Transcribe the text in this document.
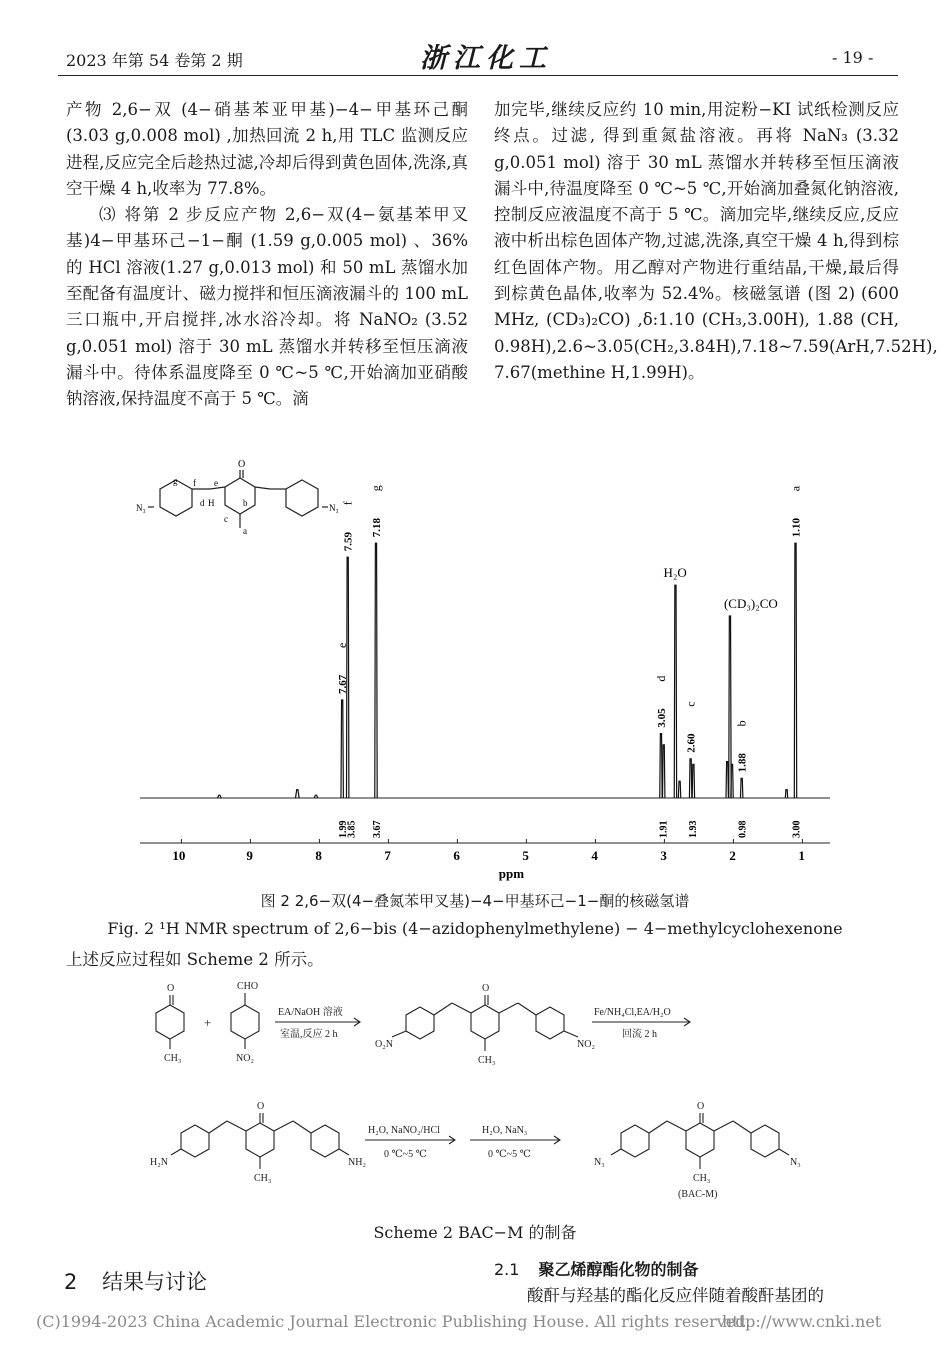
2023 年第 54 卷第 2 期	浙江化工	- 19 -

产物 2,6−双 (4−硝基苯亚甲基)−4−甲基环己酮 (3.03 g,0.008 mol) ,加热回流 2 h,用 TLC 监测反应进程,反应完全后趁热过滤,冷却后得到黄色固体,洗涤,真空干燥 4 h,收率为 77.8%。

⑶ 将第 2 步反应产物 2,6−双(4−氨基苯甲叉基)4−甲基环己−1−酮 (1.59 g,0.005 mol) 、36%的 HCl 溶液(1.27 g,0.013 mol) 和 50 mL 蒸馏水加至配备有温度计、磁力搅拌和恒压滴液漏斗的 100 mL 三口瓶中,开启搅拌,冰水浴冷却。将 NaNO₂ (3.52 g,0.051 mol) 溶于 30 mL 蒸馏水并转移至恒压滴液漏斗中。待体系温度降至 0 ℃~5 ℃,开始滴加亚硝酸钠溶液,保持温度不高于 5 ℃。滴

加完毕,继续反应约 10 min,用淀粉−KI 试纸检测反应终点。过滤, 得到重氮盐溶液。再将 NaN₃ (3.32 g,0.051 mol) 溶于 30 mL 蒸馏水并转移至恒压滴液漏斗中,待温度降至 0 ℃~5 ℃,开始滴加叠氮化钠溶液, 控制反应液温度不高于 5 ℃。滴加完毕,继续反应,反应液中析出棕色固体产物,过滤,洗涤,真空干燥 4 h,得到棕红色固体产物。用乙醇对产物进行重结晶,干燥,最后得到棕黄色晶体,收率为 52.4%。核磁氢谱 (图 2) (600 MHz, (CD₃)₂CO) ,δ:1.10 (CH₃,3.00H), 1.88 (CH, 0.98H),2.6~3.05(CH₂,3.84H),7.18~7.59(ArH,7.52H), 7.67(methine H,1.99H)。

e
7.67
f
7.59
g
7.18
d
3.05
H₂O
c
2.60
(CD₃)₂CO
b
1.88
a
1.10
1.99
3.85 3.67	1.91 1.93	0.98	3.00
10	9	8	7	6	5	4	3	2	1
ppm
O
N₃	N₃
g f e
d H	b
c
a
图 2 2,6−双(4−叠氮苯甲叉基)−4−甲基环己−1−酮的核磁氢谱
Fig. 2 ¹H NMR spectrum of 2,6−bis (4−azidophenylmethylene) − 4−methylcyclohexenone
上述反应过程如 Scheme 2 所示。
O
CH₃
+
CHO
NO₂
EA/NaOH 溶液
室温,反应 2 h
O
O₂N	NO₂
CH₃
Fe/NH₄Cl,EA/H₂O
回流 2 h
O
H₂N	NH₂
CH₃
H₂O, NaNO₂/HCl
0 ℃~5 ℃
H₂O, NaN₃
0 ℃~5 ℃
O
N₃	N₃
CH₃
(BAC-M)
Scheme 2 BAC−M 的制备
2 结果与讨论
2.1 聚乙烯醇酯化物的制备
酸酐与羟基的酯化反应伴随着酸酐基团的
(C)1994-2023 China Academic Journal Electronic Publishing House. All rights reserved.
http://www.cnki.net
